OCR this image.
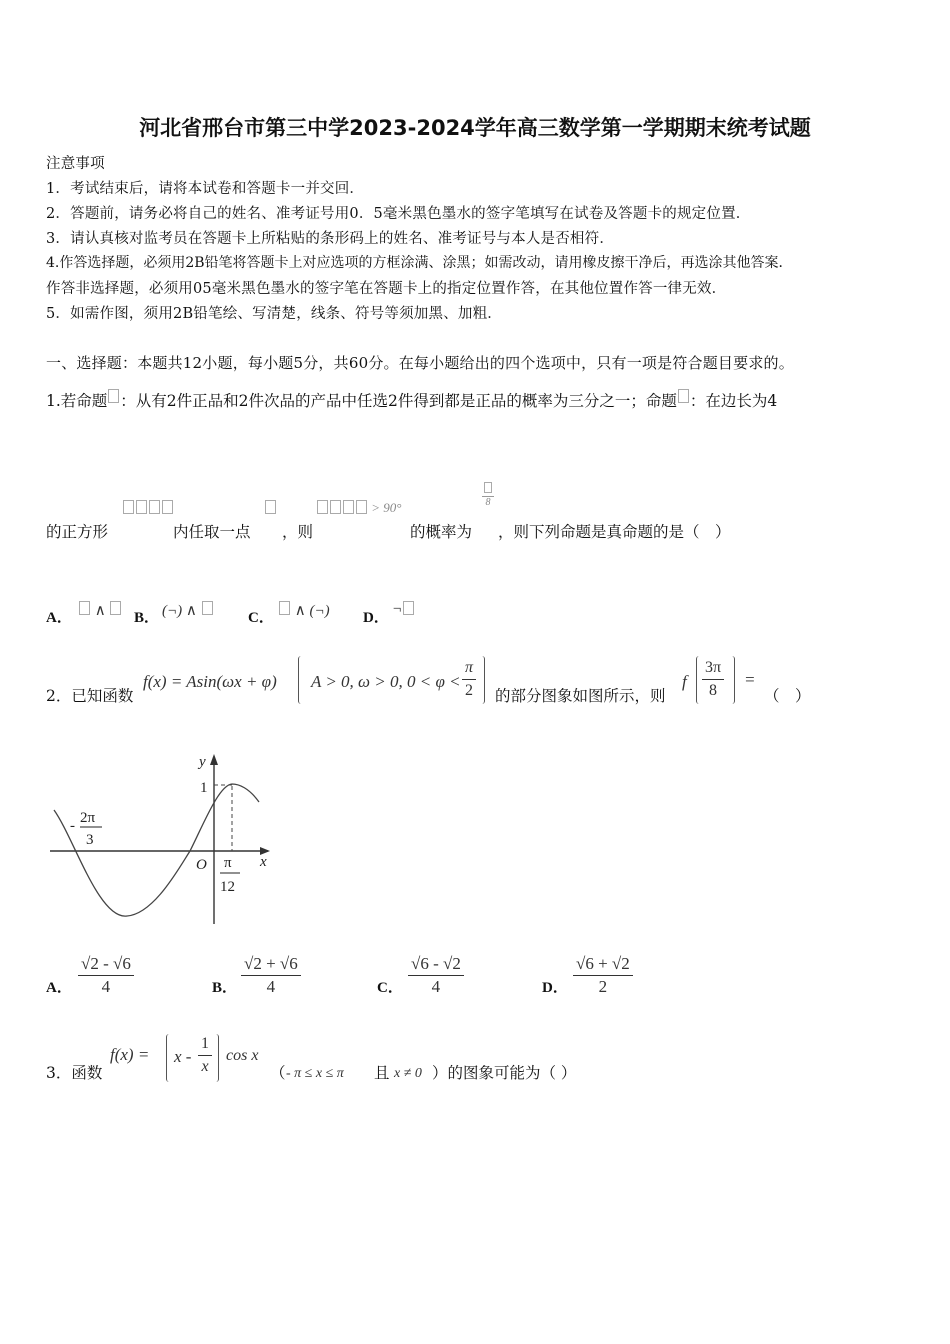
河北省邢台市第三中学2023-2024学年高三数学第一学期期末统考试题
注意事项
1．考试结束后，请将本试卷和答题卡一并交回．
2．答题前，请务必将自己的姓名、准考证号用0．5毫米黑色墨水的签字笔填写在试卷及答题卡的规定位置．
3．请认真核对监考员在答题卡上所粘贴的条形码上的姓名、准考证号与本人是否相符．
4.作答选择题，必须用2B铅笔将答题卡上对应选项的方框涂满、涂黑；如需改动，请用橡皮擦干净后，再选涂其他答案．
作答非选择题，必须用05毫米黑色墨水的签字笔在答题卡上的指定位置作答，在其他位置作答一律无效．
5．如需作图，须用2B铅笔绘、写清楚，线条、符号等须加黑、加粗．
一、选择题：本题共12小题，每小题5分，共60分。在每小题给出的四个选项中，只有一项是符合题目要求的。
1.若命题 ：从有2件正品和2件次品的产品中任选2件得到都是正品的概率为三分之一；命题 ：在边长为4
> 90°	8
的正方形	内任取一点 ，则	的概率为 ，则下列命题是真命题的是（　）
A．	∧	B． (¬) ∧	C．	∧ (¬) D．
¬
2．已知函数
f(x) = Asin(ωx + φ) A > 0, ω > 0, $0 < \varphi < \frac{\pi}{2}$ 的部分图象如图所示，则
f $\frac{3\pi}{8}$ =
（　）
y
x
O
1
- 2π
3
π
12
A． $\frac{√2 - √6}{4}$	B． $\frac{√2 + √6}{4}$	C． $\frac{√6 - √2}{4}$	D． $\frac{√6 + √2}{2}$
3．函数
$f(x) = x - \frac{1}{x}$ cos x
（ - π ≤ x ≤ π 且 x ≠ 0 ）的图象可能为（ ）
